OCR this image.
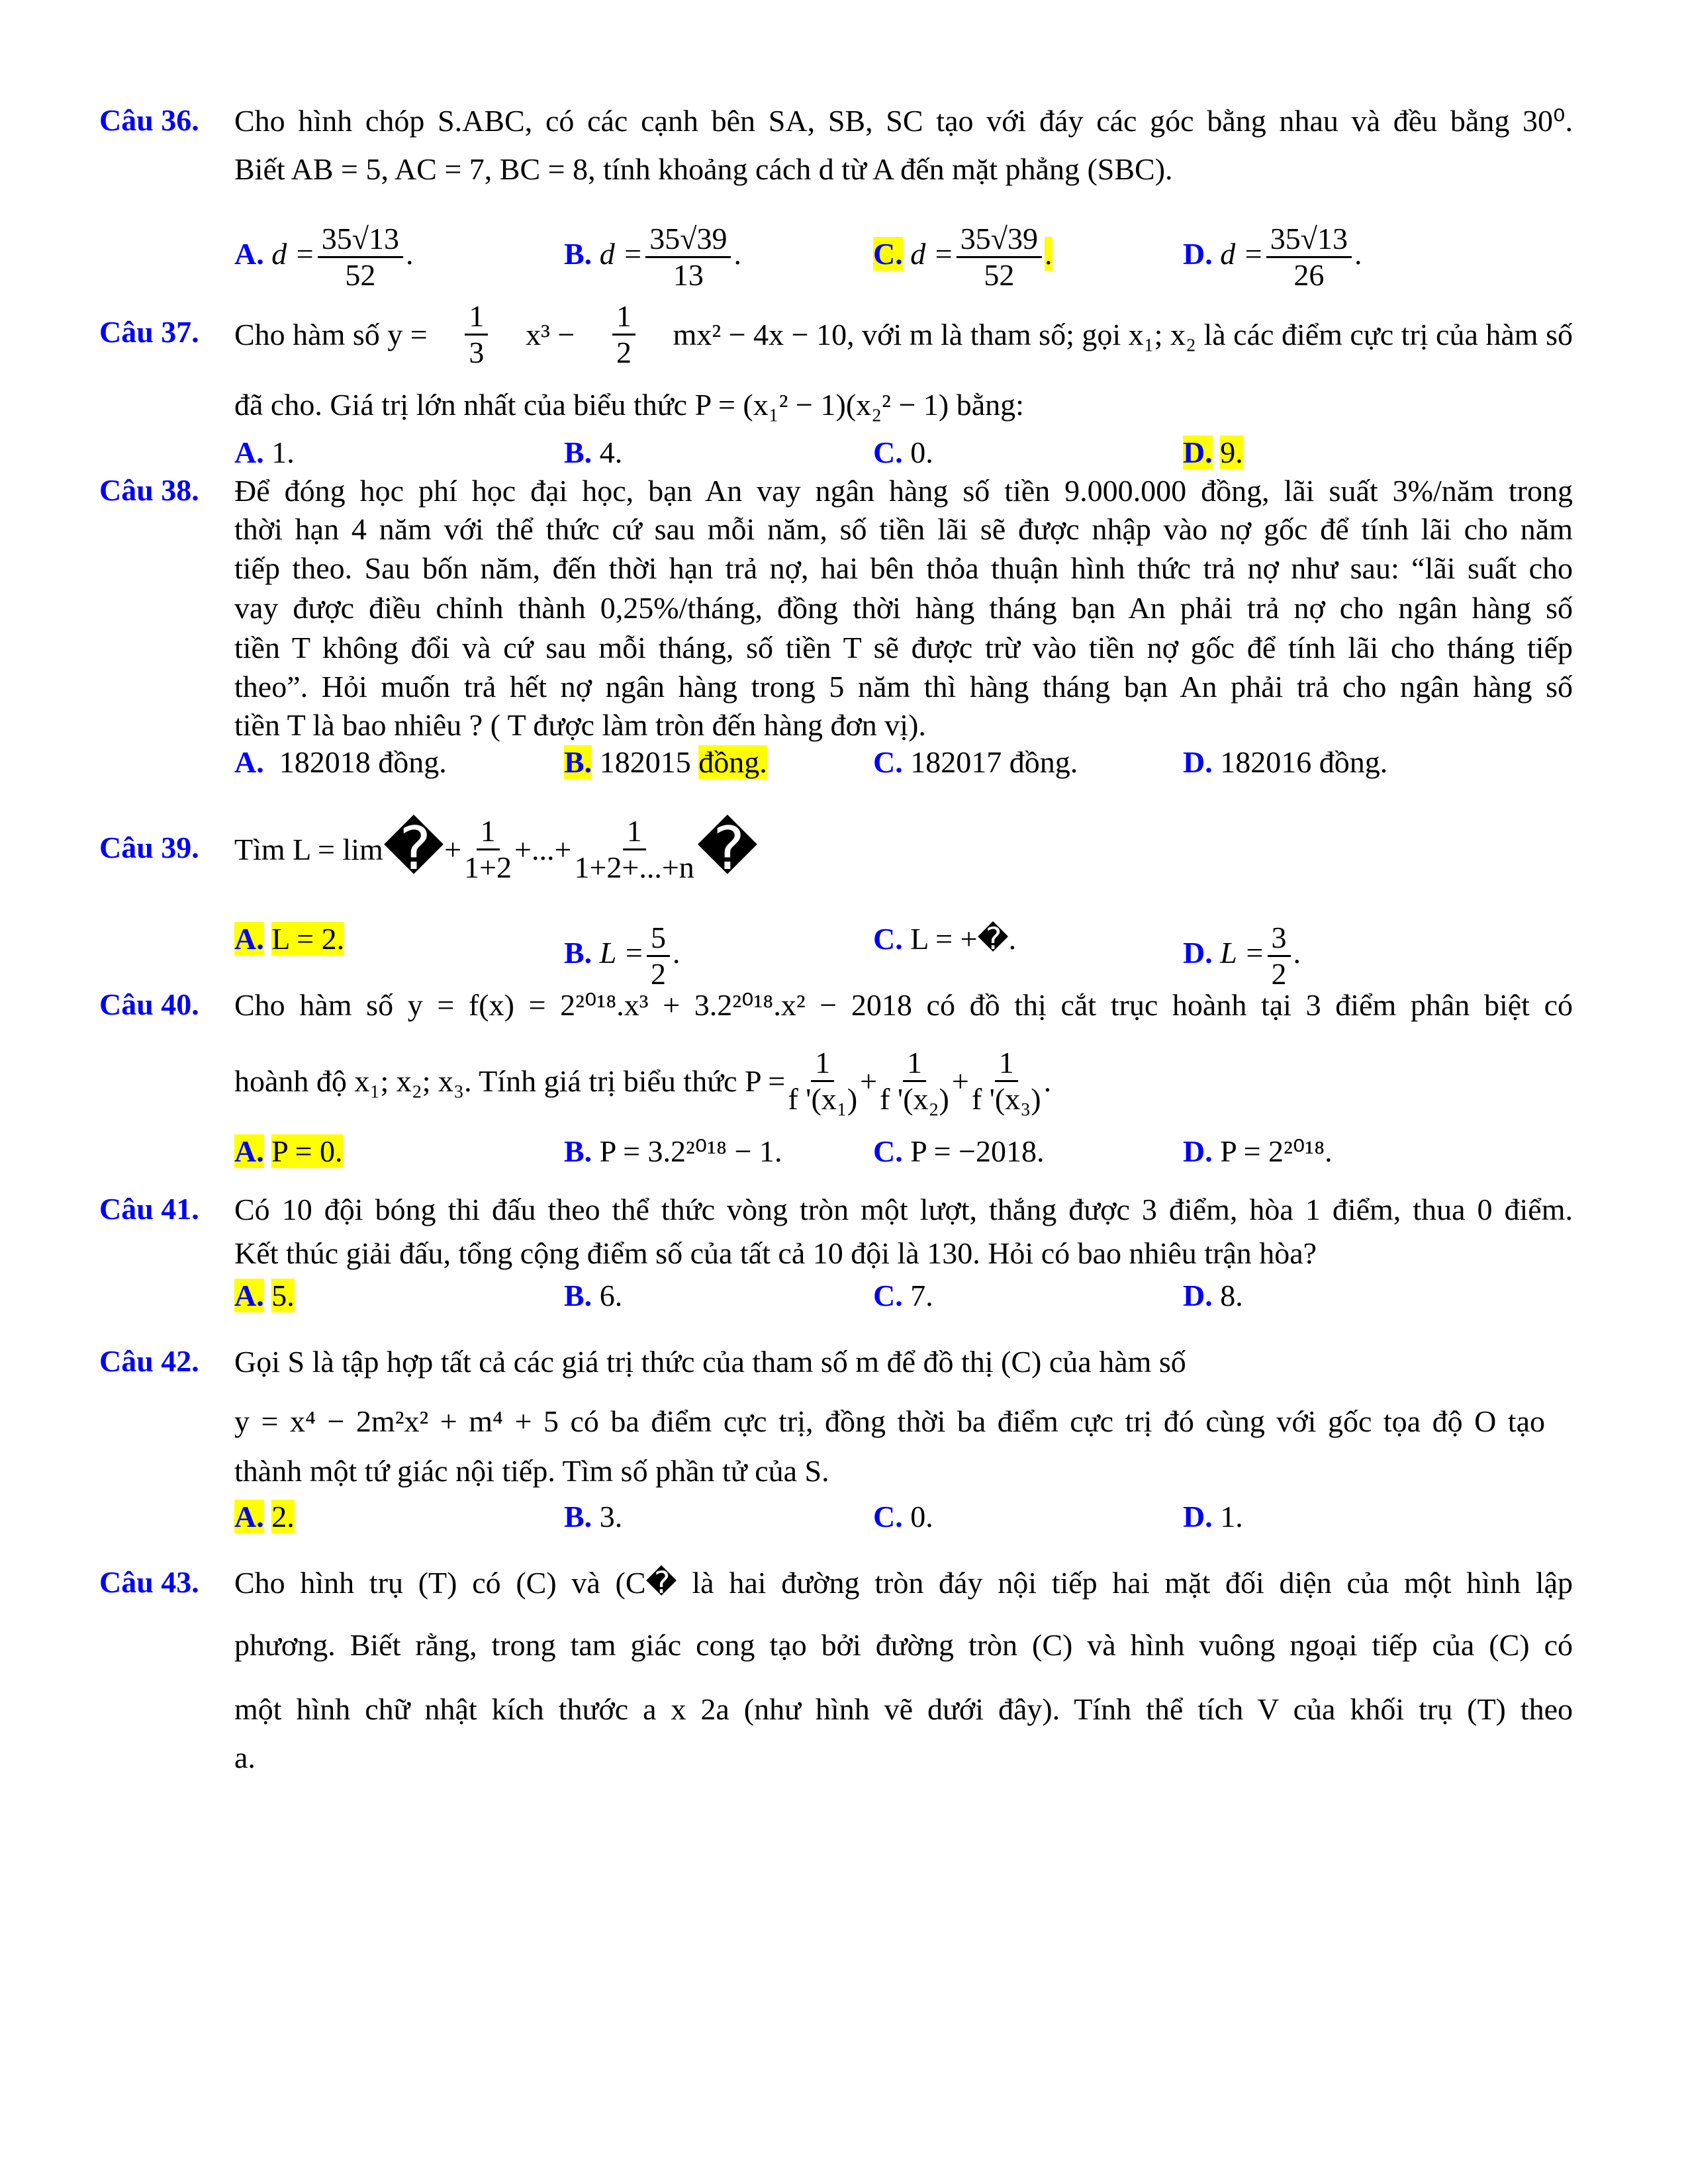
Câu 36. Cho hình chóp S.ABC, có các cạnh bên SA, SB, SC tạo với đáy các góc bằng nhau và đều bằng 30⁰.
Biết AB = 5, AC = 7, BC = 8, tính khoảng cách d từ A đến mặt phẳng (SBC).
A. $d = \frac{35√13}{52}$ .	B. $d = \frac{35√39}{13}$ .	C. $d = \frac{35√39}{52}$ .	D. $d = \frac{35√13}{26}$ .
Câu 37. Cho hàm số $y = \frac{1}{3} x^3 - \frac{1}{2} mx^2 - 4x - 10$, với m là tham số; gọi x₁; x₂ là các điểm cực trị của hàm số
đã cho. Giá trị lớn nhất của biểu thức P = (x₁² − 1)(x₂² − 1) bằng:
A. 1.	B. 4.	C. 0.	D. 9.
Câu 38. Để đóng học phí học đại học, bạn An vay ngân hàng số tiền 9.000.000 đồng, lãi suất 3%/năm trong
thời hạn 4 năm với thể thức cứ sau mỗi năm, số tiền lãi sẽ được nhập vào nợ gốc để tính lãi cho năm
tiếp theo. Sau bốn năm, đến thời hạn trả nợ, hai bên thỏa thuận hình thức trả nợ như sau: “lãi suất cho
vay được điều chỉnh thành 0,25%/tháng, đồng thời hàng tháng bạn An phải trả nợ cho ngân hàng số
tiền T không đổi và cứ sau mỗi tháng, số tiền T sẽ được trừ vào tiền nợ gốc để tính lãi cho tháng tiếp
theo”. Hỏi muốn trả hết nợ ngân hàng trong 5 năm thì hàng tháng bạn An phải trả cho ngân hàng số
tiền T là bao nhiêu ? ( T được làm tròn đến hàng đơn vị).
A. 182018 đồng.	B. 182015 đồng.	C. 182017 đồng.	D. 182016 đồng.
Câu 39. Tìm L = lim � + $\frac{1}{1+2}$ +...+ $\frac{1}{1+2+...+n}$ �
A. L = 2.	B. $L = \frac{5}{2}$ .	C. L = +�.	D. $L = \frac{3}{2}$ .
Câu 40. Cho hàm số y = f(x) = 2²⁰¹⁸.x³ + 3.2²⁰¹⁸.x² − 2018 có đồ thị cắt trục hoành tại 3 điểm phân biệt có
hoành độ x₁; x₂; x₃. Tính giá trị biểu thức $P = \frac{1}{\text{f '(x₁)}} + \frac{1}{\text{f '(x₂)}} + \frac{1}{\text{f '(x₃)}}$ .
A. P = 0.	B. P = 3.2²⁰¹⁸ − 1.	C. P = −2018.	D. P = 2²⁰¹⁸.
Câu 41. Có 10 đội bóng thi đấu theo thể thức vòng tròn một lượt, thắng được 3 điểm, hòa 1 điểm, thua 0 điểm.
Kết thúc giải đấu, tổng cộng điểm số của tất cả 10 đội là 130. Hỏi có bao nhiêu trận hòa?
A. 5.	B. 6.	C. 7.	D. 8.
Câu 42. Gọi S là tập hợp tất cả các giá trị thức của tham số m để đồ thị (C) của hàm số
y = x⁴ − 2m²x² + m⁴ + 5 có ba điểm cực trị, đồng thời ba điểm cực trị đó cùng với gốc tọa độ O tạo
thành một tứ giác nội tiếp. Tìm số phần tử của S.
A. 2.	B. 3.	C. 0.	D. 1.
Câu 43. Cho hình trụ (T) có (C) và (C� là hai đường tròn đáy nội tiếp hai mặt đối diện của một hình lập
phương. Biết rằng, trong tam giác cong tạo bởi đường tròn (C) và hình vuông ngoại tiếp của (C) có
một hình chữ nhật kích thước a x 2a (như hình vẽ dưới đây). Tính thể tích V của khối trụ (T) theo
a.
